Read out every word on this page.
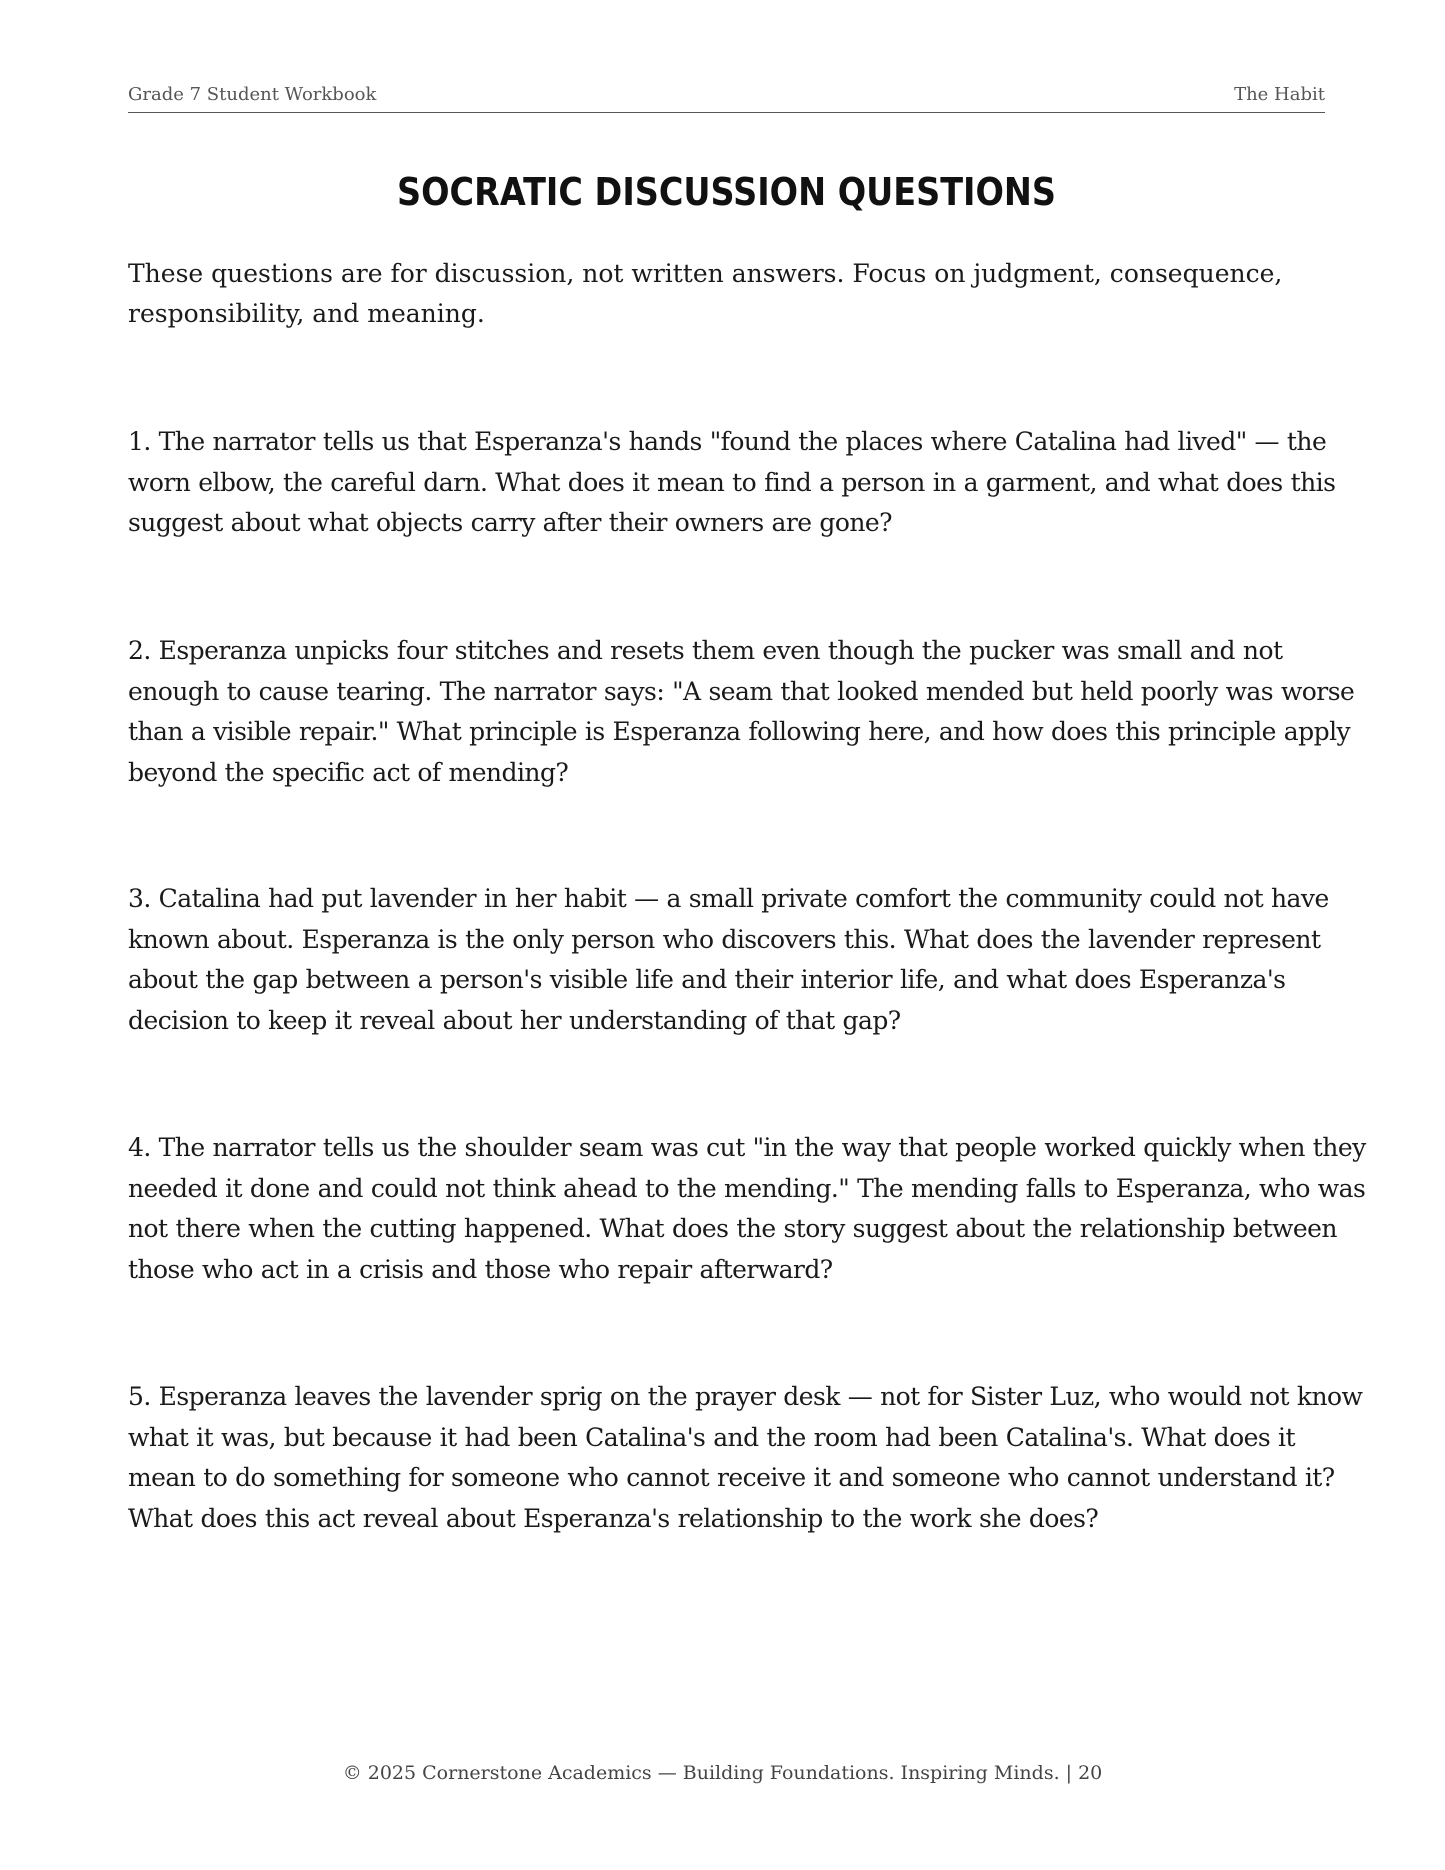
Grade 7 Student Workbook	The Habit
SOCRATIC DISCUSSION QUESTIONS
These questions are for discussion, not written answers. Focus on judgment, consequence, responsibility, and meaning.
1. The narrator tells us that Esperanza's hands "found the places where Catalina had lived" — the worn elbow, the careful darn. What does it mean to find a person in a garment, and what does this suggest about what objects carry after their owners are gone?
2. Esperanza unpicks four stitches and resets them even though the pucker was small and not enough to cause tearing. The narrator says: "A seam that looked mended but held poorly was worse than a visible repair." What principle is Esperanza following here, and how does this principle apply beyond the specific act of mending?
3. Catalina had put lavender in her habit — a small private comfort the community could not have known about. Esperanza is the only person who discovers this. What does the lavender represent about the gap between a person's visible life and their interior life, and what does Esperanza's decision to keep it reveal about her understanding of that gap?
4. The narrator tells us the shoulder seam was cut "in the way that people worked quickly when they needed it done and could not think ahead to the mending." The mending falls to Esperanza, who was not there when the cutting happened. What does the story suggest about the relationship between those who act in a crisis and those who repair afterward?
5. Esperanza leaves the lavender sprig on the prayer desk — not for Sister Luz, who would not know what it was, but because it had been Catalina's and the room had been Catalina's. What does it mean to do something for someone who cannot receive it and someone who cannot understand it? What does this act reveal about Esperanza's relationship to the work she does?
© 2025 Cornerstone Academics — Building Foundations. Inspiring Minds. | 20
